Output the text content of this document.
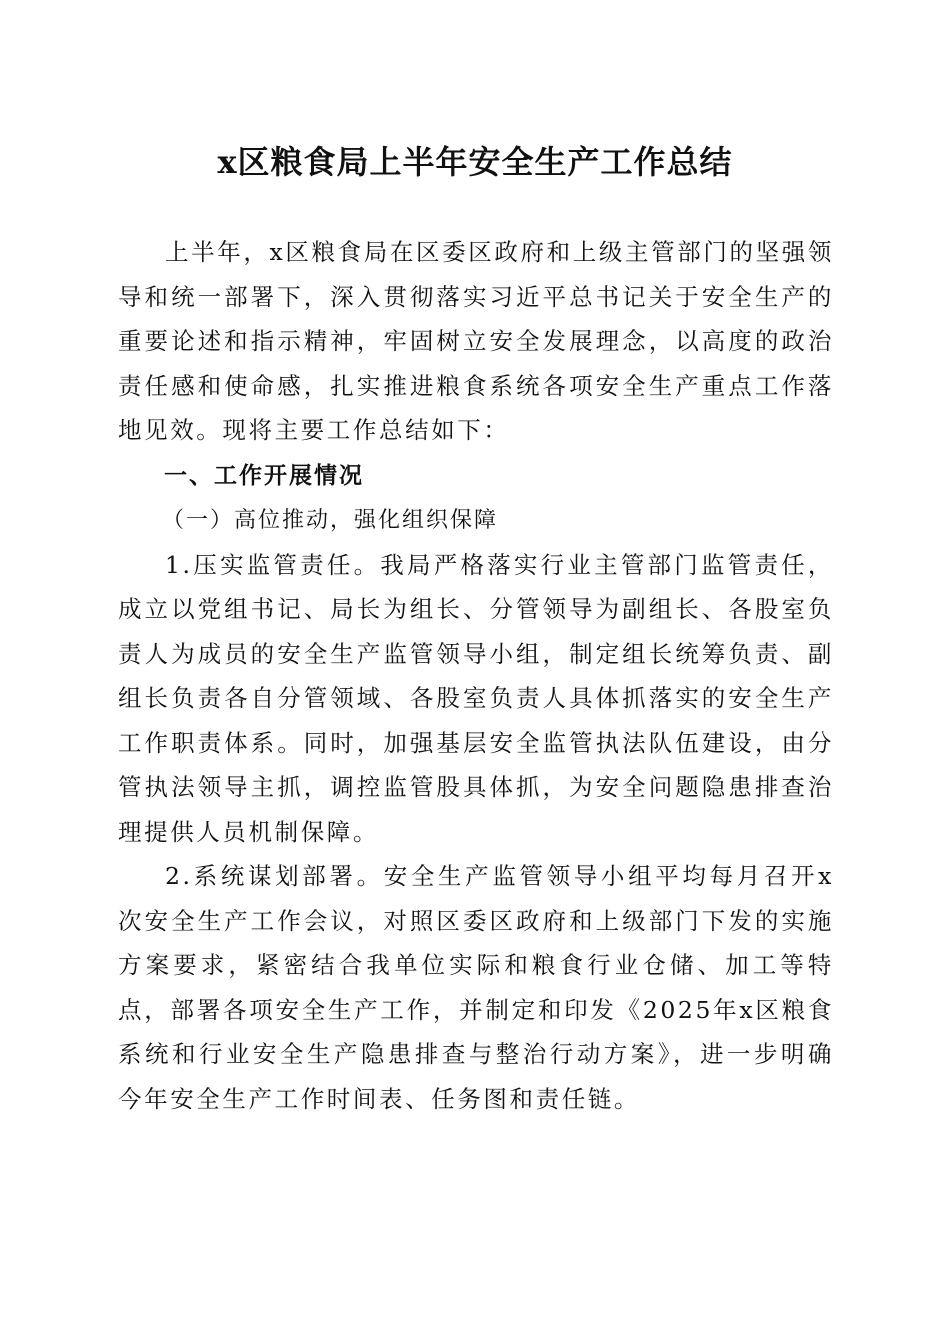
x区粮食局上半年安全生产工作总结

上半年，x区粮食局在区委区政府和上级主管部门的坚强领导和统一部署下，深入贯彻落实习近平总书记关于安全生产的重要论述和指示精神，牢固树立安全发展理念，以高度的政治责任感和使命感，扎实推进粮食系统各项安全生产重点工作落地见效。现将主要工作总结如下：

一、工作开展情况
（一）高位推动，强化组织保障

1.压实监管责任。我局严格落实行业主管部门监管责任，成立以党组书记、局长为组长、分管领导为副组长、各股室负责人为成员的安全生产监管领导小组，制定组长统筹负责、副组长负责各自分管领域、各股室负责人具体抓落实的安全生产工作职责体系。同时，加强基层安全监管执法队伍建设，由分管执法领导主抓，调控监管股具体抓，为安全问题隐患排查治理提供人员机制保障。

2.系统谋划部署。安全生产监管领导小组平均每月召开x次安全生产工作会议，对照区委区政府和上级部门下发的实施方案要求，紧密结合我单位实际和粮食行业仓储、加工等特点，部署各项安全生产工作，并制定和印发《2025年x区粮食系统和行业安全生产隐患排查与整治行动方案》，进一步明确今年安全生产工作时间表、任务图和责任链。
